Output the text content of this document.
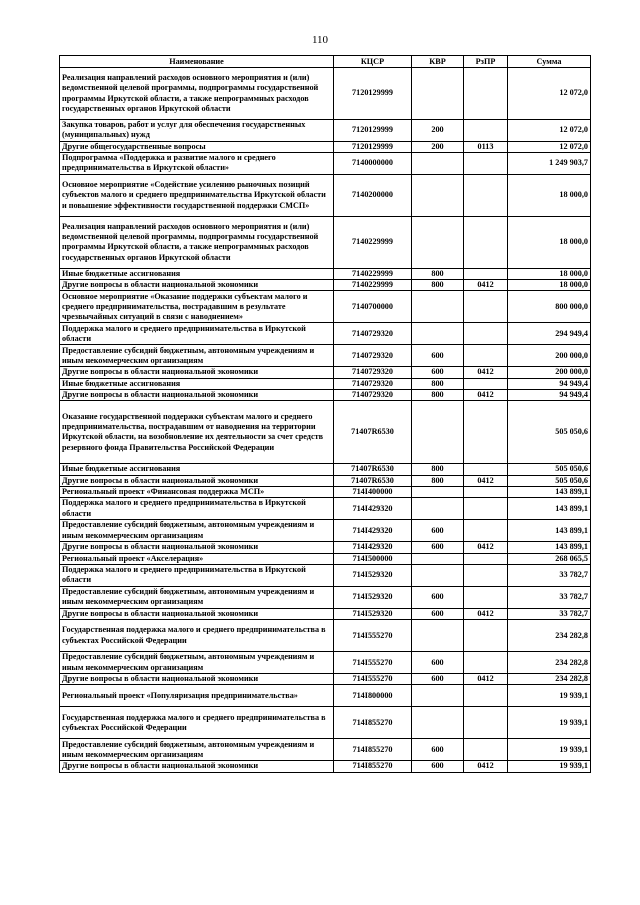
110
Наименование	КЦСР	КВР	РзПР	Сумма
Реализация направлений расходов основного мероприятия и (или) ведомственной целевой программы, подпрограммы государственной программы Иркутской области, а также непрограммных расходов государственных органов Иркутской области	7120129999			12 072,0
Закупка товаров, работ и услуг для обеспечения государственных (муниципальных) нужд	7120129999	200		12 072,0
Другие общегосударственные вопросы	7120129999	200	0113	12 072,0
Подпрограмма «Поддержка и развитие малого и среднего предпринимательства в Иркутской области»	7140000000			1 249 903,7
Основное мероприятие «Содействие усилению рыночных позиций субъектов малого и среднего предпринимательства Иркутской области и повышение эффективности государственной поддержки СМСП»	7140200000			18 000,0
Реализация направлений расходов основного мероприятия и (или) ведомственной целевой программы, подпрограммы государственной программы Иркутской области, а также непрограммных расходов государственных органов Иркутской области	7140229999			18 000,0
Иные бюджетные ассигнования	7140229999	800		18 000,0
Другие вопросы в области национальной экономики	7140229999	800	0412	18 000,0
Основное мероприятие «Оказание поддержки субъектам малого и среднего предпринимательства, пострадавшим в результате чрезвычайных ситуаций в связи с наводнением»	7140700000			800 000,0
Поддержка малого и среднего предпринимательства в Иркутской области	7140729320			294 949,4
Предоставление субсидий бюджетным, автономным учреждениям и иным некоммерческим организациям	7140729320	600		200 000,0
Другие вопросы в области национальной экономики	7140729320	600	0412	200 000,0
Иные бюджетные ассигнования	7140729320	800		94 949,4
Другие вопросы в области национальной экономики	7140729320	800	0412	94 949,4
Оказание государственной поддержки субъектам малого и среднего предпринимательства, пострадавшим от наводнения на территории Иркутской области, на возобновление их деятельности за счет средств резервного фонда Правительства Российской Федерации	71407R6530			505 050,6
Иные бюджетные ассигнования	71407R6530	800		505 050,6
Другие вопросы в области национальной экономики	71407R6530	800	0412	505 050,6
Региональный проект «Финансовая поддержка МСП»	714I400000			143 899,1
Поддержка малого и среднего предпринимательства в Иркутской области	714I429320			143 899,1
Предоставление субсидий бюджетным, автономным учреждениям и иным некоммерческим организациям	714I429320	600		143 899,1
Другие вопросы в области национальной экономики	714I429320	600	0412	143 899,1
Региональный проект «Акселерация»	714I500000			268 065,5
Поддержка малого и среднего предпринимательства в Иркутской области	714I529320			33 782,7
Предоставление субсидий бюджетным, автономным учреждениям и иным некоммерческим организациям	714I529320	600		33 782,7
Другие вопросы в области национальной экономики	714I529320	600	0412	33 782,7
Государственная поддержка малого и среднего предпринимательства в субъектах Российской Федерации	714I555270			234 282,8
Предоставление субсидий бюджетным, автономным учреждениям и иным некоммерческим организациям	714I555270	600		234 282,8
Другие вопросы в области национальной экономики	714I555270	600	0412	234 282,8
Региональный проект «Популяризация предпринимательства»	714I800000			19 939,1
Государственная поддержка малого и среднего предпринимательства в субъектах Российской Федерации	714I855270			19 939,1
Предоставление субсидий бюджетным, автономным учреждениям и иным некоммерческим организациям	714I855270	600		19 939,1
Другие вопросы в области национальной экономики	714I855270	600	0412	19 939,1
